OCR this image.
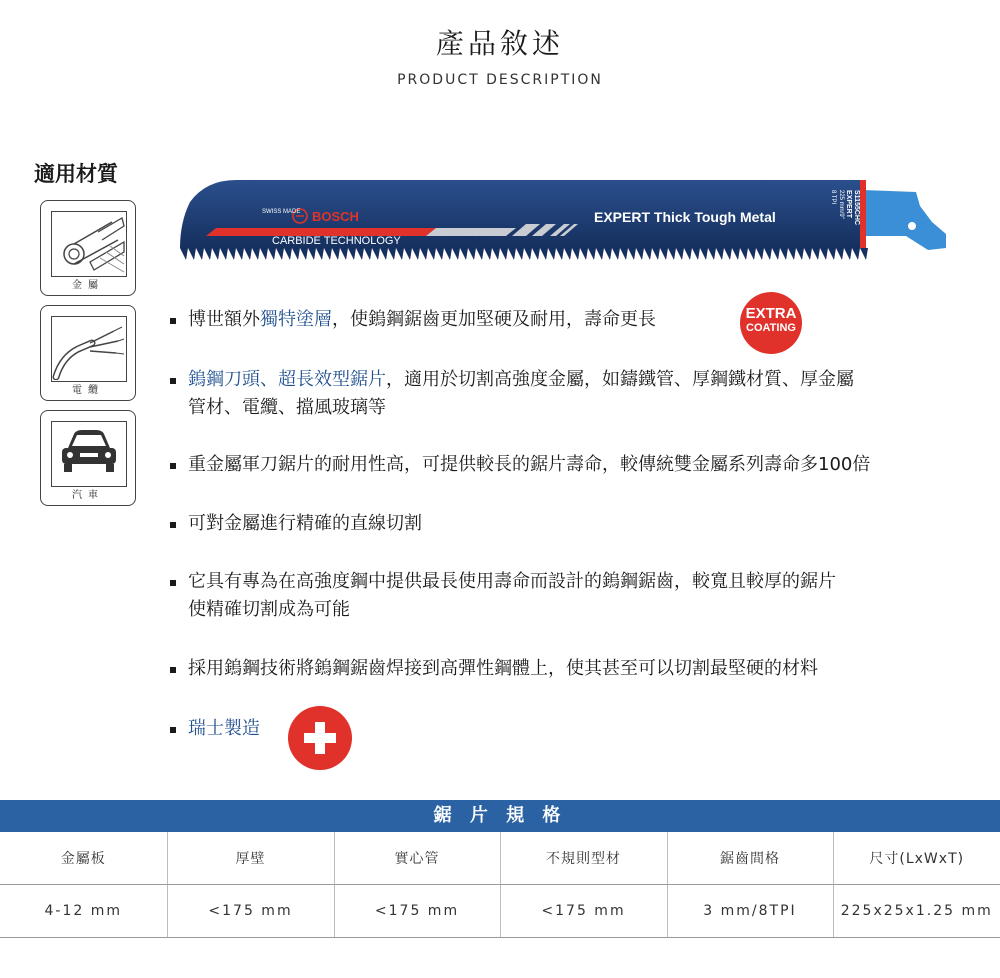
產品敘述
PRODUCT DESCRIPTION
適用材質
金屬
電纜
汽車
SWISS MADE BOSCH
CARBIDE TECHNOLOGY	EXTRA
EXPERT Thick Tough Metal	225 mm/9"
8 TPI EXPERT S1155CHC
博世額外獨特塗層，使鎢鋼鋸齒更加堅硬及耐用，壽命更長
鎢鋼刀頭、超長效型鋸片，適用於切割高強度金屬，如鑄鐵管、厚鋼鐵材質、厚金屬
管材、電纜、擋風玻璃等
重金屬軍刀鋸片的耐用性高，可提供較長的鋸片壽命，較傳統雙金屬系列壽命多100倍
可對金屬進行精確的直線切割
它具有專為在高強度鋼中提供最長使用壽命而設計的鎢鋼鋸齒，較寬且較厚的鋸片
使精確切割成為可能
採用鎢鋼技術將鎢鋼鋸齒焊接到高彈性鋼體上，使其甚至可以切割最堅硬的材料
瑞士製造
EXTRA
COATING
鋸 片 規 格
金屬板	厚壁	實心管	不規則型材	鋸齒間格	尺寸(LxWxT)
4-12 mm	<175 mm	<175 mm	<175 mm	3 mm/8TPI	225x25x1.25 mm
